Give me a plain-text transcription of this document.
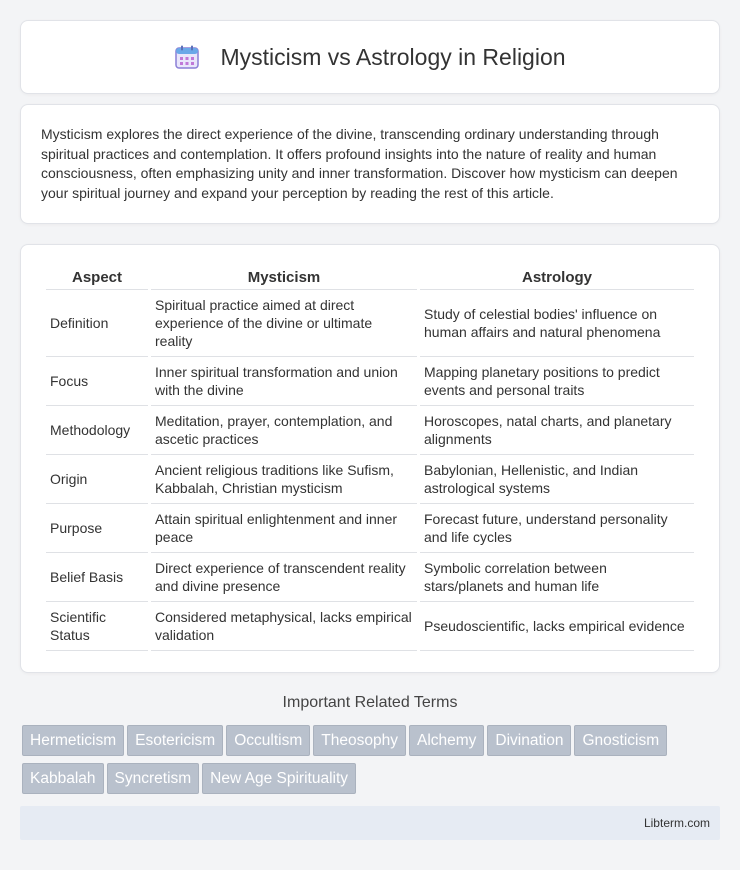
Mysticism vs Astrology in Religion

Mysticism explores the direct experience of the divine, transcending ordinary understanding through spiritual practices and contemplation. It offers profound insights into the nature of reality and human consciousness, often emphasizing unity and inner transformation. Discover how mysticism can deepen your spiritual journey and expand your perception by reading the rest of this article.

Aspect	Mysticism	Astrology
Definition	Spiritual practice aimed at direct experience of the divine or ultimate reality	Study of celestial bodies' influence on human affairs and natural phenomena
Focus	Inner spiritual transformation and union with the divine	Mapping planetary positions to predict events and personal traits
Methodology	Meditation, prayer, contemplation, and ascetic practices	Horoscopes, natal charts, and planetary alignments
Origin	Ancient religious traditions like Sufism, Kabbalah, Christian mysticism	Babylonian, Hellenistic, and Indian astrological systems
Purpose	Attain spiritual enlightenment and inner peace	Forecast future, understand personality and life cycles
Belief Basis	Direct experience of transcendent reality and divine presence	Symbolic correlation between stars/planets and human life
Scientific Status	Considered metaphysical, lacks empirical validation	Pseudoscientific, lacks empirical evidence
Important Related Terms
Hermeticism Esotericism Occultism Theosophy Alchemy Divination GnosticismKabbalah Syncretism New Age Spirituality
Libterm.com
